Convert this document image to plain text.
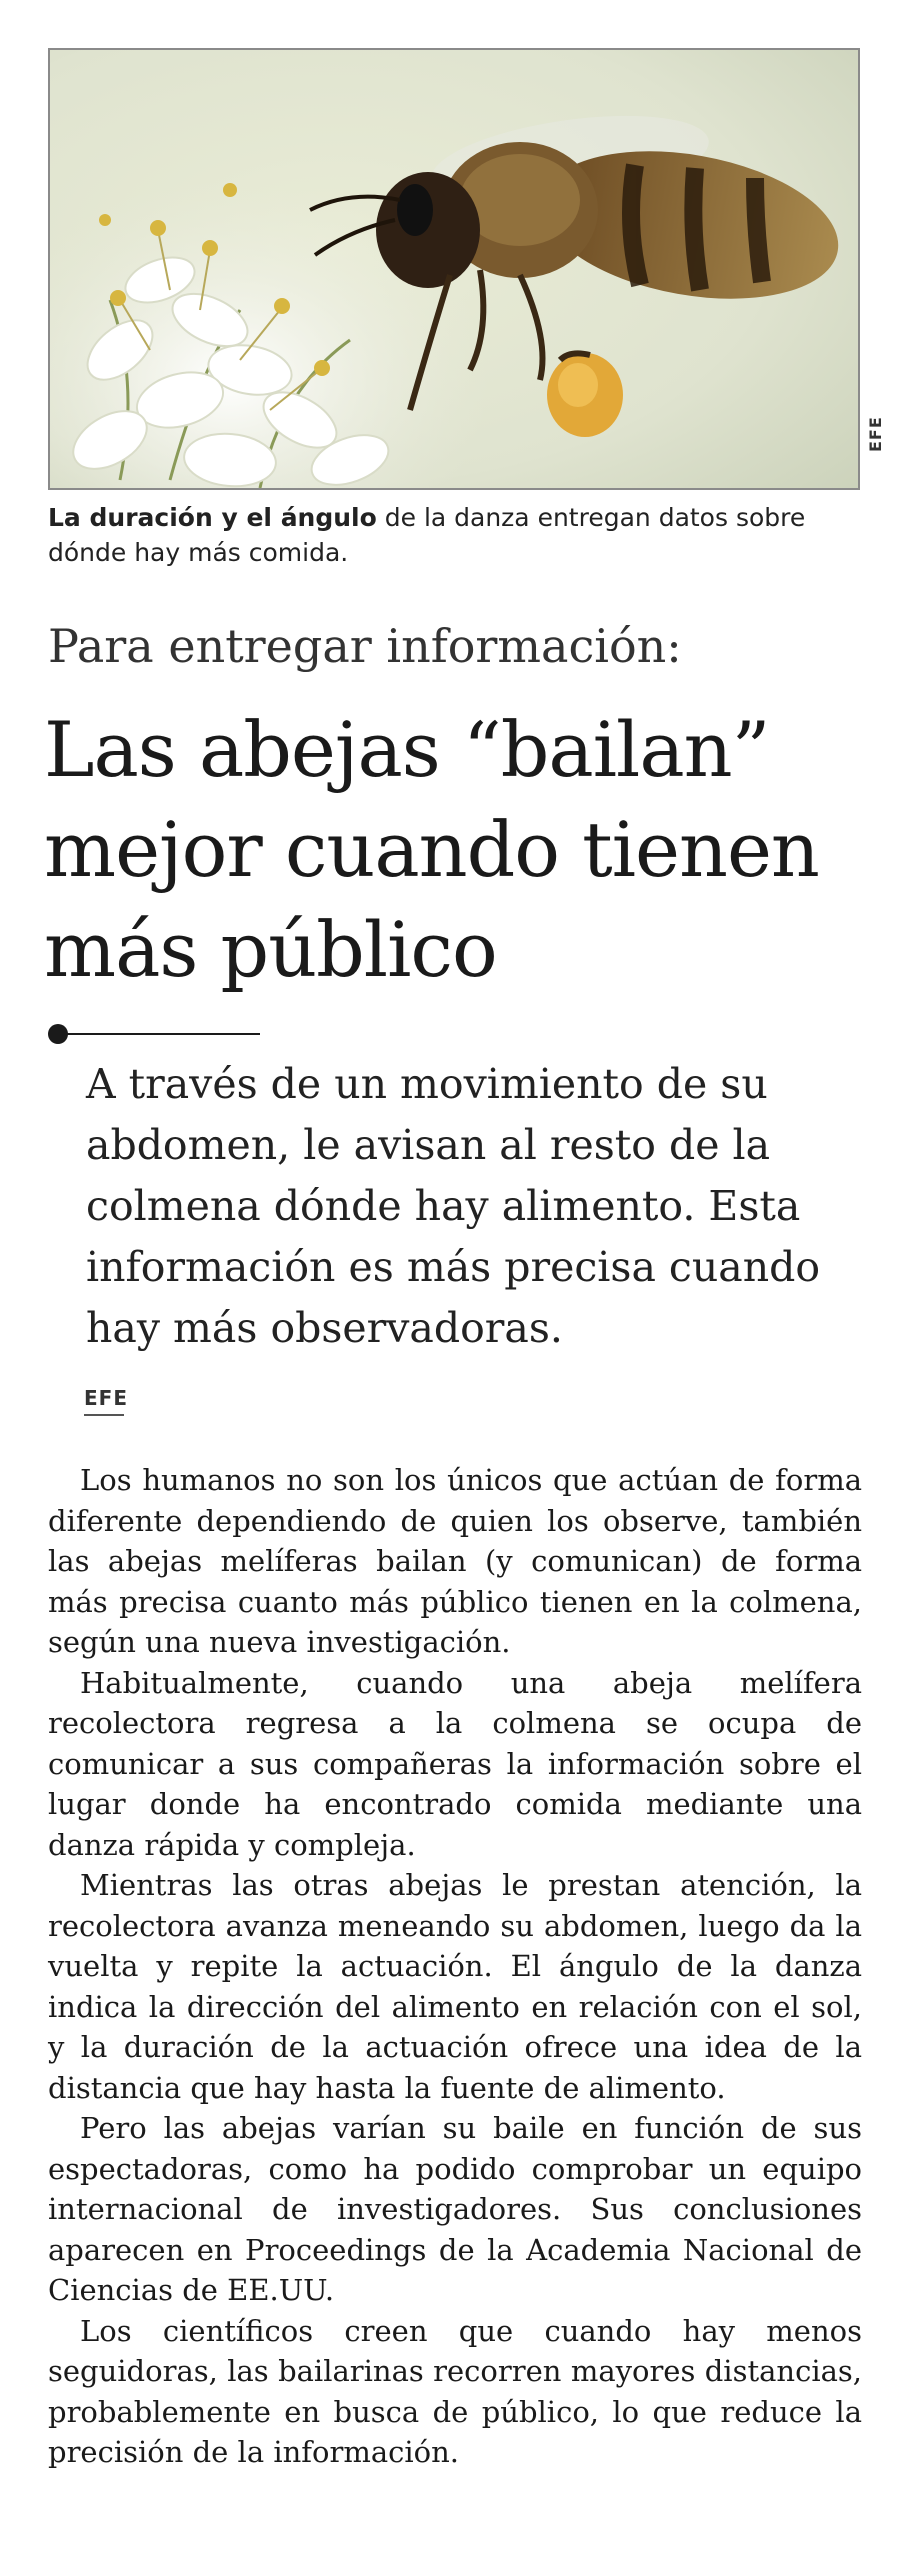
EFE
La duración y el ángulo de la danza entregan datos sobre dónde hay más comida.
Para entregar información:
Las abejas “bailan” mejor cuando tienen más público
A través de un movimiento de su abdomen, le avisan al resto de la colmena dónde hay alimento. Esta información es más precisa cuando hay más observadoras.
EFE

Los humanos no son los únicos que actúan de forma diferente dependiendo de quien los observe, también las abejas melíferas bailan (y comunican) de forma más precisa cuanto más público tienen en la colmena, según una nueva investigación.

Habitualmente, cuando una abeja melífera recolectora regresa a la colmena se ocupa de comunicar a sus compañeras la información sobre el lugar donde ha encontrado comida mediante una danza rápida y compleja.

Mientras las otras abejas le prestan atención, la recolectora avanza meneando su abdomen, luego da la vuelta y repite la actuación. El ángulo de la danza indica la dirección del alimento en relación con el sol, y la duración de la actuación ofrece una idea de la distancia que hay hasta la fuente de alimento.

Pero las abejas varían su baile en función de sus espectadoras, como ha podido comprobar un equipo internacional de investigadores. Sus conclusiones aparecen en Proceedings de la Academia Nacional de Ciencias de EE.UU.

Los científicos creen que cuando hay menos seguidoras, las bailarinas recorren mayores distancias, probablemente en busca de público, lo que reduce la precisión de la información.
